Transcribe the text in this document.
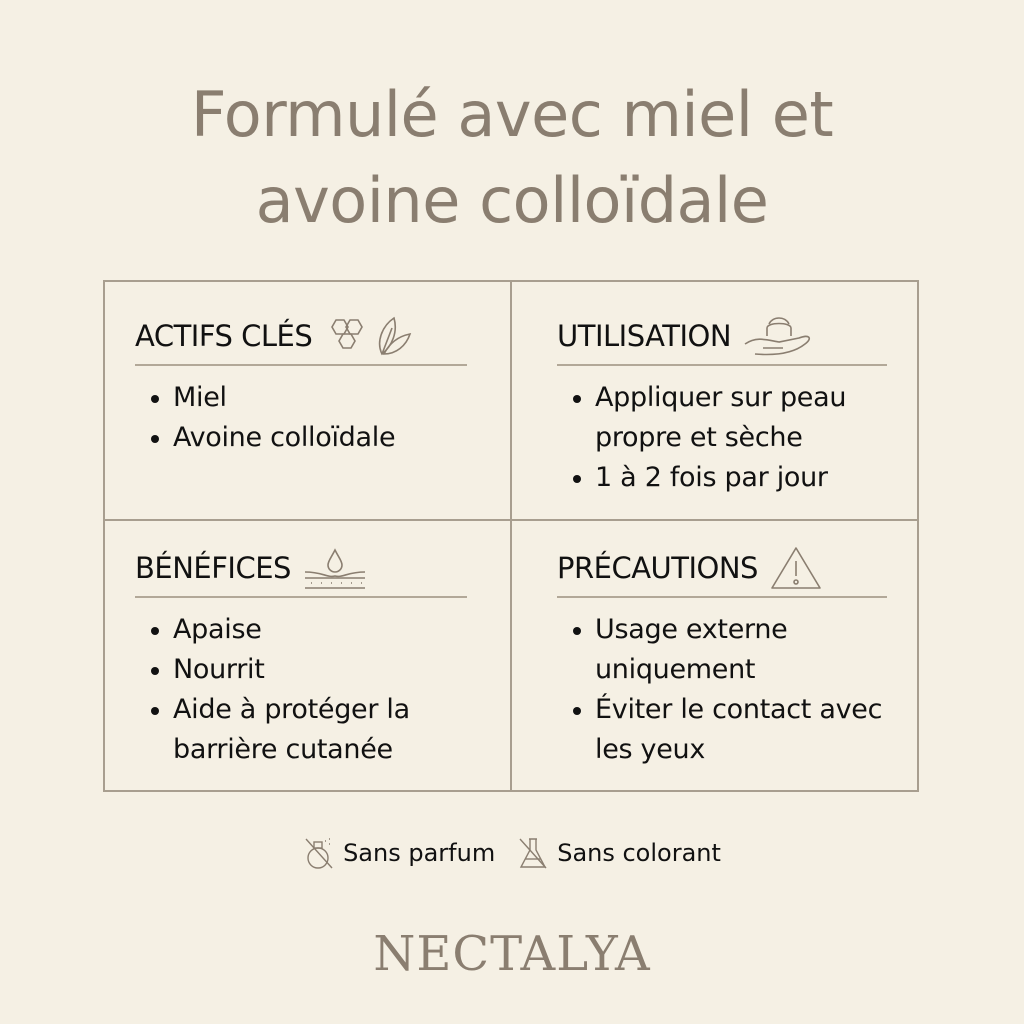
Formulé avec miel et
avoine colloïdale
ACTIFS CLÉS
Miel
Avoine colloïdale
UTILISATION
Appliquer sur peau propre et sèche
1 à 2 fois par jour
BÉNÉFICES
Apaise
Nourrit
Aide à protéger la barrière cutanée
PRÉCAUTIONS
Usage externe uniquement
Éviter le contact avec les yeux
Sans parfum	Sans colorant
NECTALYA
